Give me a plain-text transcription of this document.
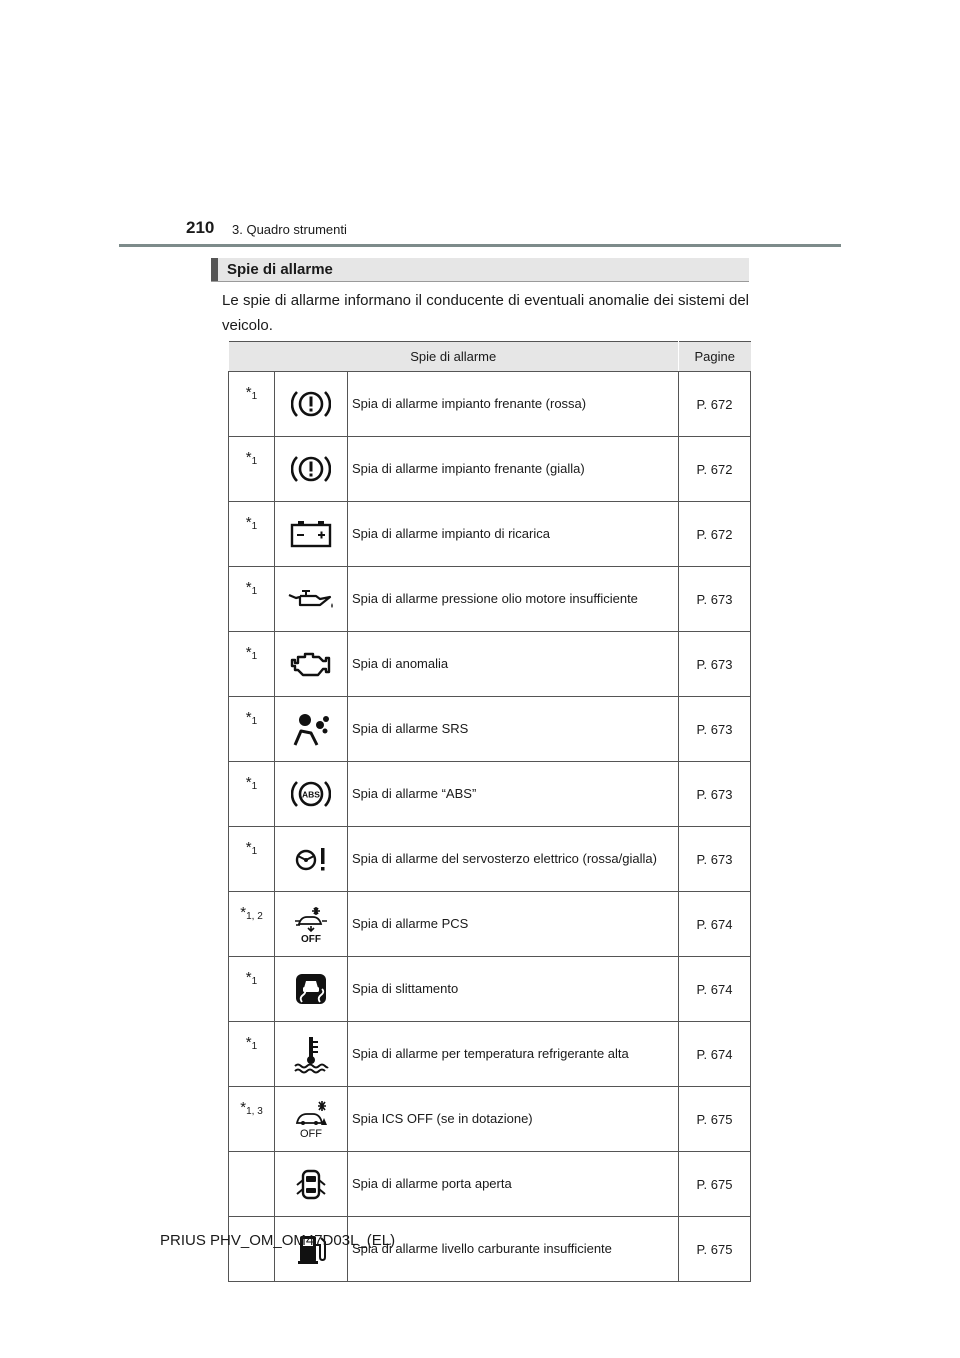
210 3. Quadro strumenti
Spie di allarme
Le spie di allarme informano il conducente di eventuali anomalie dei sistemi del veicolo.
Spie di allarme			Pagine
$*_1$		Spia di allarme impianto frenante (rossa)	P. 672
$*_1$		Spia di allarme impianto frenante (gialla)	P. 672
$*_1$		Spia di allarme impianto di ricarica	P. 672
$*_1$		Spia di allarme pressione olio motore insufficiente	P. 673
$*_1$		Spia di anomalia	P. 673
$*_1$		Spia di allarme SRS	P. 673
$*_1$	ABS	Spia di allarme “ABS”	P. 673
$*_1$		Spia di allarme del servosterzo elettrico (rossa/gialla)	P. 673
$*_{1, 2}$	OFF	Spia di allarme PCS	P. 674
$*_1$		Spia di slittamento	P. 674
$*_1$		Spia di allarme per temperatura refrigerante alta	P. 674
$*_{1, 3}$	OFF	Spia ICS OFF (se in dotazione)	P. 675

	Spia di allarme porta aperta	P. 675

	Spia di allarme livello carburante insufficiente	P. 675
PRIUS PHV_OM_OM47D03L_(EL)
